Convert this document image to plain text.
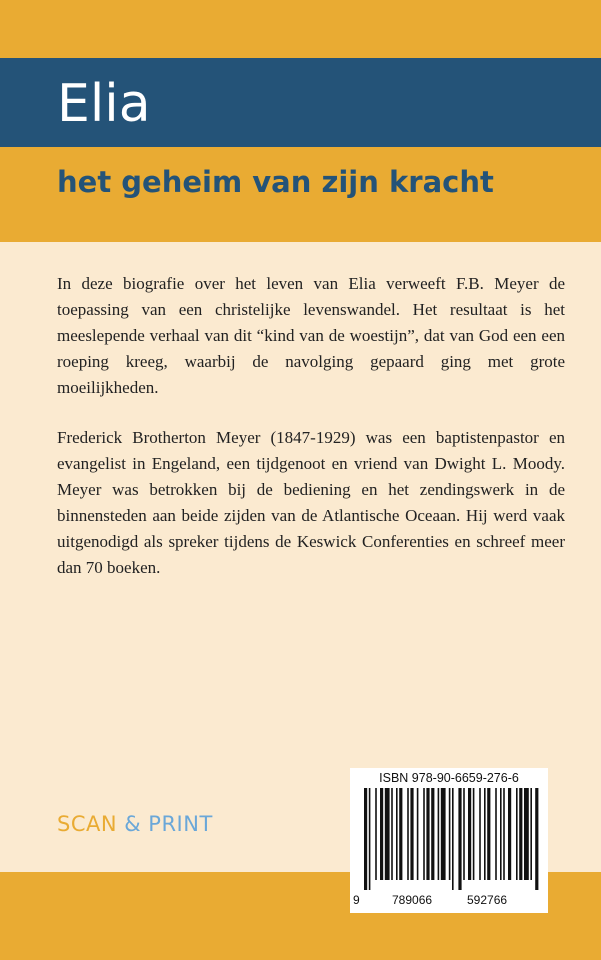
Elia
het geheim van zijn kracht

In deze biografie over het leven van Elia verweeft F.B. Meyer de toepassing van een christelijke levenswandel. Het resultaat is het meeslepende verhaal van dit “kind van de woestijn”, dat van God een een roeping kreeg, waarbij de navolging gepaard ging met grote moeilijkheden.

Frederick Brotherton Meyer (1847-1929) was een baptistenpastor en evangelist in Engeland, een tijdgenoot en vriend van Dwight L. Moody. Meyer was betrokken bij de bediening en het zendingswerk in de binnensteden aan beide zijden van de Atlantische Oceaan. Hij werd vaak uitgenodigd als spreker tijdens de Keswick Conferenties en schreef meer dan 70 boeken.

SCAN & PRINT
ISBN 978-90-6659-276-6
9	789066	592766
